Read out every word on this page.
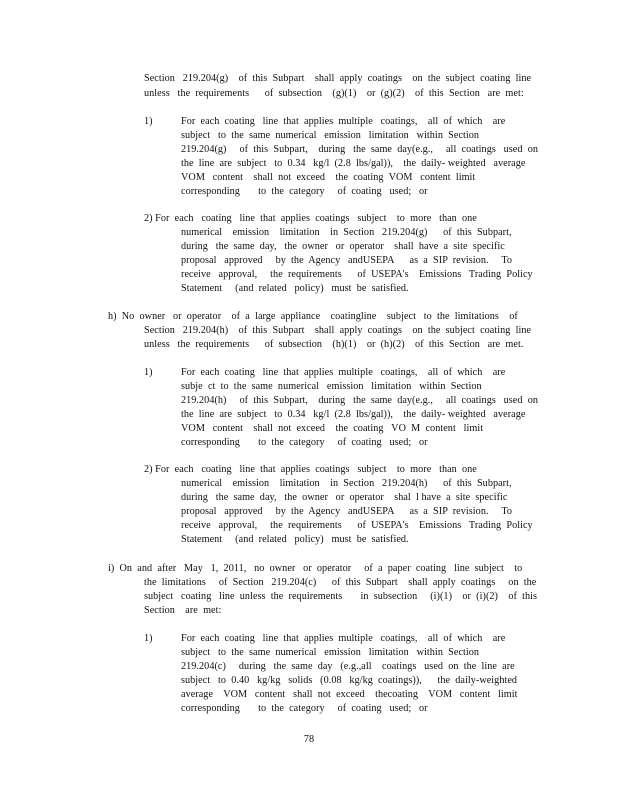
Section   219.204(g)    of  this  Subpart    shall  apply  coatings    on  the  subject  coating  line
unless   the  requirements      of  subsection    (g)(1)    or  (g)(2)    of  this  Section   are  met:
1)	For  each  coating   line  that  applies  multiple   coatings,    all  of  which    are
subject   to  the  same  numerical   emission   limitation   within  Section
219.204(g)     of  this  Subpart,    during   the  same  day(e.g.,     all  coatings   used  on
the  line  are  subject   to  0.34   kg/l  (2.8  lbs/gal)),    the  daily- weighted   average
VOM   content    shall  not  exceed    the  coating  VOM   content  limit
corresponding       to  the  category     of  coating   used;   or
2) For  each   coating   line  that  applies  coatings   subject    to  more   than  one
numerical    emission    limitation    in  Section   219.204(g)      of  this  Subpart,
during   the  same  day,   the  owner   or  operator    shall  have  a  site  specific
proposal   approved     by  the  Agency   andUSEPA      as  a  SIP  revision.     To
receive   approval,     the  requirements      of  USEPA's    Emissions   Trading  Policy
Statement     (and  related   policy)   must  be  satisfied.
h)  No  owner   or  operator    of  a  large  appliance    coatingline    subject   to  the  limitations    of
Section   219.204(h)    of  this  Subpart    shall  apply  coatings    on  the  subject  coating  line
unless   the  requirements      of  subsection    (h)(1)    or  (h)(2)    of  this  Section   are  met.
1)	For  each  coating   line  that  applies  multiple   coatings,    all  of  which    are
subje  ct  to  the  same  numerical   emission   limitation   within  Section
219.204(h)     of  this  Subpart,    during   the  same  day(e.g.,     all  coatings   used  on
the  line  are  subject   to  0.34   kg/l  (2.8  lbs/gal)),    the  daily- weighted   average
VOM   content    shall  not  exceed    the  coating   VO  M  content   limit
corresponding       to  the  category     of  coating   used;   or
2) For  each   coating   line  that  applies  coatings   subject    to  more   than  one
numerical    emission    limitation    in  Section   219.204(h)      of  this  Subpart,
during   the  same  day,   the  owner   or  operator    shal  l have  a  site  specific
proposal   approved     by  the  Agency   andUSEPA      as  a  SIP  revision.     To
receive   approval,     the  requirements      of  USEPA's    Emissions   Trading  Policy
Statement     (and  related   policy)   must  be  satisfied.
i)  On  and  after   May   1,  2011,   no  owner   or  operator     of  a  paper  coating   line  subject    to
the  limitations     of  Section   219.204(c)      of  this  Subpart    shall  apply  coatings     on  the
subject   coating   line  unless  the  requirements       in  subsection     (i)(1)    or  (i)(2)    of  this
Section    are  met:
1)	For  each  coating   line  that  applies  multiple   coatings,    all  of  which    are
subject   to  the  same  numerical   emission   limitation   within  Section
219.204(c)     during   the  same  day   (e.g.,all    coatings   used  on  the  line  are
subject   to  0.40   kg/kg   solids   (0.08   kg/kg  coatings)),      the  daily-weighted
average    VOM   content   shall  not  exceed    thecoating    VOM   content   limit
corresponding       to  the  category     of  coating   used;   or
78
